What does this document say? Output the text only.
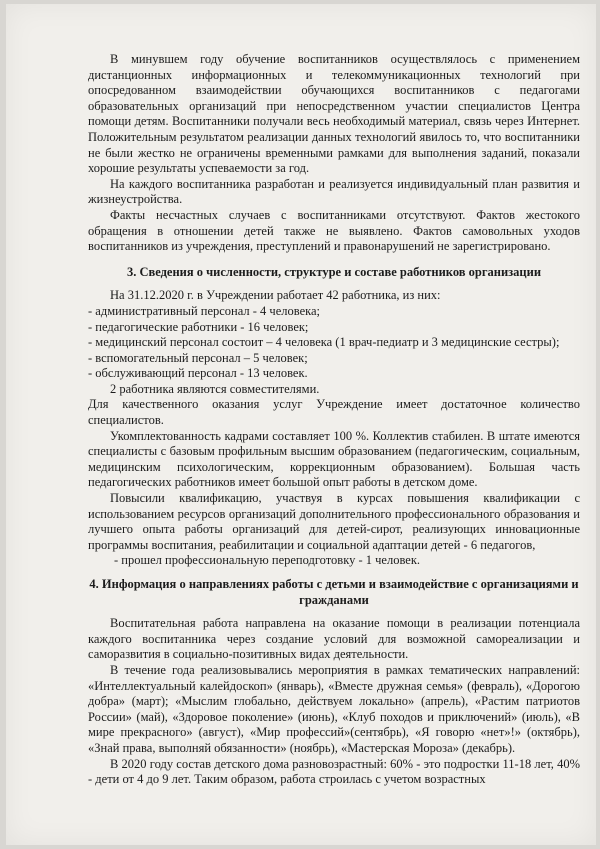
В минувшем году обучение воспитанников осуществлялось с применением дистанционных информационных и телекоммуникационных технологий при опосредованном взаимодействии обучающихся воспитанников с педагогами образовательных организаций при непосредственном участии специалистов Центра помощи детям. Воспитанники получали весь необходимый материал, связь через Интернет. Положительным результатом реализации данных технологий явилось то, что воспитанники не были жестко не ограничены временными рамками для выполнения заданий, показали хорошие результаты успеваемости за год.

На каждого воспитанника разработан и реализуется индивидуальный план развития и жизнеустройства.

Факты несчастных случаев с воспитанниками отсутствуют. Фактов жестокого обращения в отношении детей также не выявлено. Фактов самовольных уходов воспитанников из учреждения, преступлений и правонарушений не зарегистрировано.

3. Сведения о численности, структуре и составе работников организации

На 31.12.2020 г. в Учреждении работает 42 работника, из них:

- административный персонал - 4 человека;

- педагогические работники - 16 человек;

- медицинский персонал состоит – 4 человека (1 врач-педиатр и 3 медицинские сестры);

- вспомогательный персонал – 5 человек;

- обслуживающий персонал - 13 человек.

2 работника являются совместителями.

Для качественного оказания услуг Учреждение имеет достаточное количество специалистов.

Укомплектованность кадрами составляет 100 %. Коллектив стабилен. В штате имеются специалисты с базовым профильным высшим образованием (педагогическим, социальным, медицинским психологическим, коррекционным образованием). Большая часть педагогических работников имеет большой опыт работы в детском доме.

Повысили квалификацию, участвуя в курсах повышения квалификации с использованием ресурсов организаций дополнительного профессионального образования и лучшего опыта работы организаций для детей-сирот, реализующих инновационные программы воспитания, реабилитации и социальной адаптации детей - 6 педагогов,

- прошел профессиональную переподготовку - 1 человек.

4. Информация о направлениях работы с детьми и взаимодействие с организациями и гражданами

Воспитательная работа направлена на оказание помощи в реализации потенциала каждого воспитанника через создание условий для возможной самореализации и саморазвития в социально-позитивных видах деятельности.

В течение года реализовывались мероприятия в рамках тематических направлений: «Интеллектуальный калейдоскоп» (январь), «Вместе дружная семья» (февраль), «Дорогою добра» (март); «Мыслим глобально, действуем локально» (апрель), «Растим патриотов России» (май), «Здоровое поколение» (июнь), «Клуб походов и приключений» (июль), «В мире прекрасного» (август), «Мир профессий»(сентябрь), «Я говорю «нет»!» (октябрь), «Знай права, выполняй обязанности» (ноябрь), «Мастерская Мороза» (декабрь).

В 2020 году состав детского дома разновозрастный: 60% - это подростки 11-18 лет, 40% - дети от 4 до 9 лет. Таким образом, работа строилась с учетом возрастных
